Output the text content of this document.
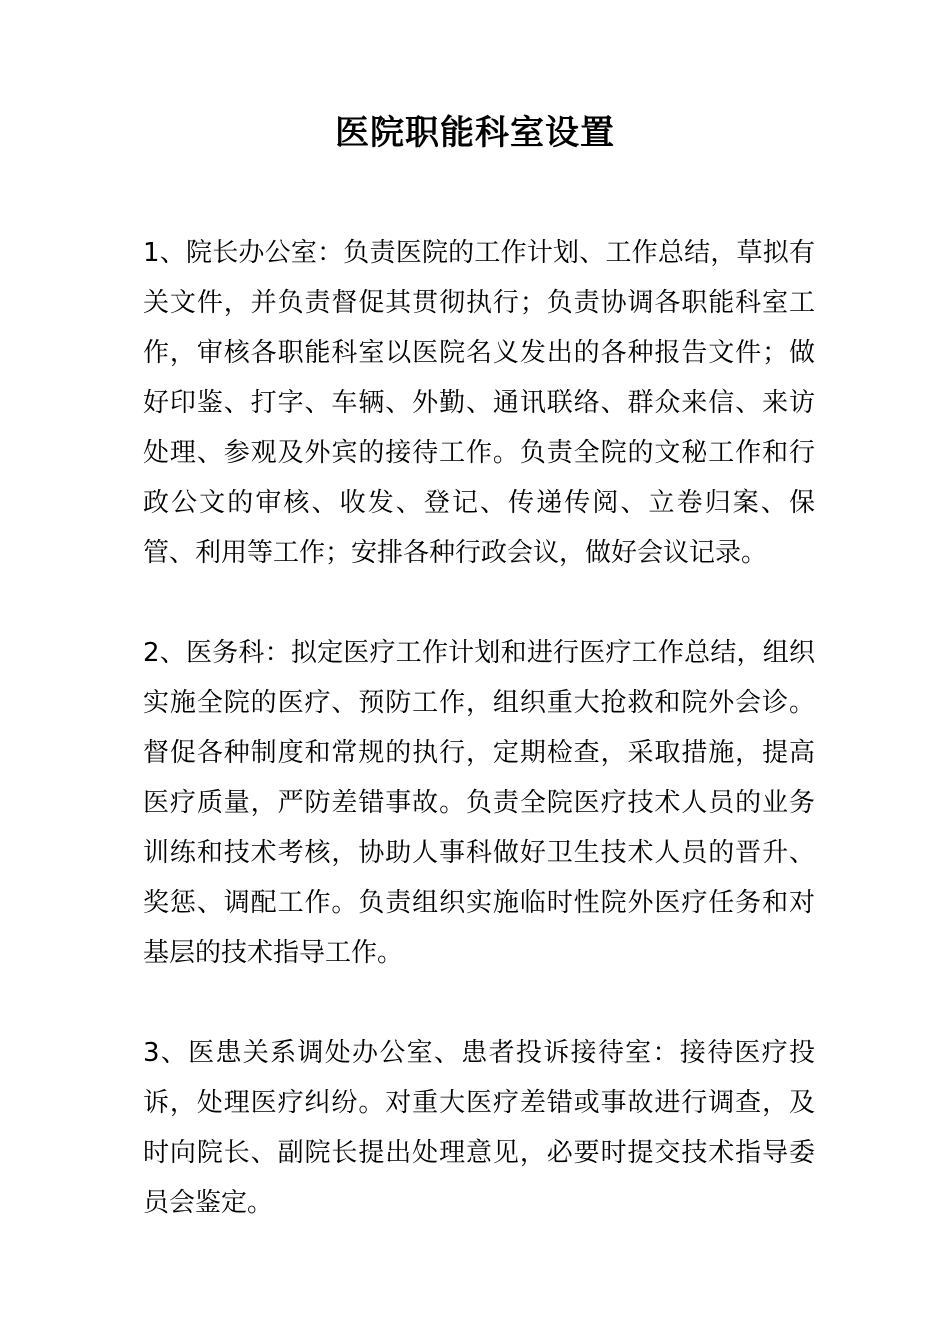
医院职能科室设置

1、院长办公室：负责医院的工作计划、工作总结，草拟有关文件，并负责督促其贯彻执行；负责协调各职能科室工作，审核各职能科室以医院名义发出的各种报告文件；做好印鉴、打字、车辆、外勤、通讯联络、群众来信、来访处理、参观及外宾的接待工作。负责全院的文秘工作和行政公文的审核、收发、登记、传递传阅、立卷归案、保管、利用等工作；安排各种行政会议，做好会议记录。

2、医务科：拟定医疗工作计划和进行医疗工作总结，组织实施全院的医疗、预防工作，组织重大抢救和院外会诊。督促各种制度和常规的执行，定期检查，采取措施，提高医疗质量，严防差错事故。负责全院医疗技术人员的业务训练和技术考核，协助人事科做好卫生技术人员的晋升、奖惩、调配工作。负责组织实施临时性院外医疗任务和对基层的技术指导工作。

3、医患关系调处办公室、患者投诉接待室：接待医疗投诉，处理医疗纠纷。对重大医疗差错或事故进行调查，及时向院长、副院长提出处理意见，必要时提交技术指导委员会鉴定。
